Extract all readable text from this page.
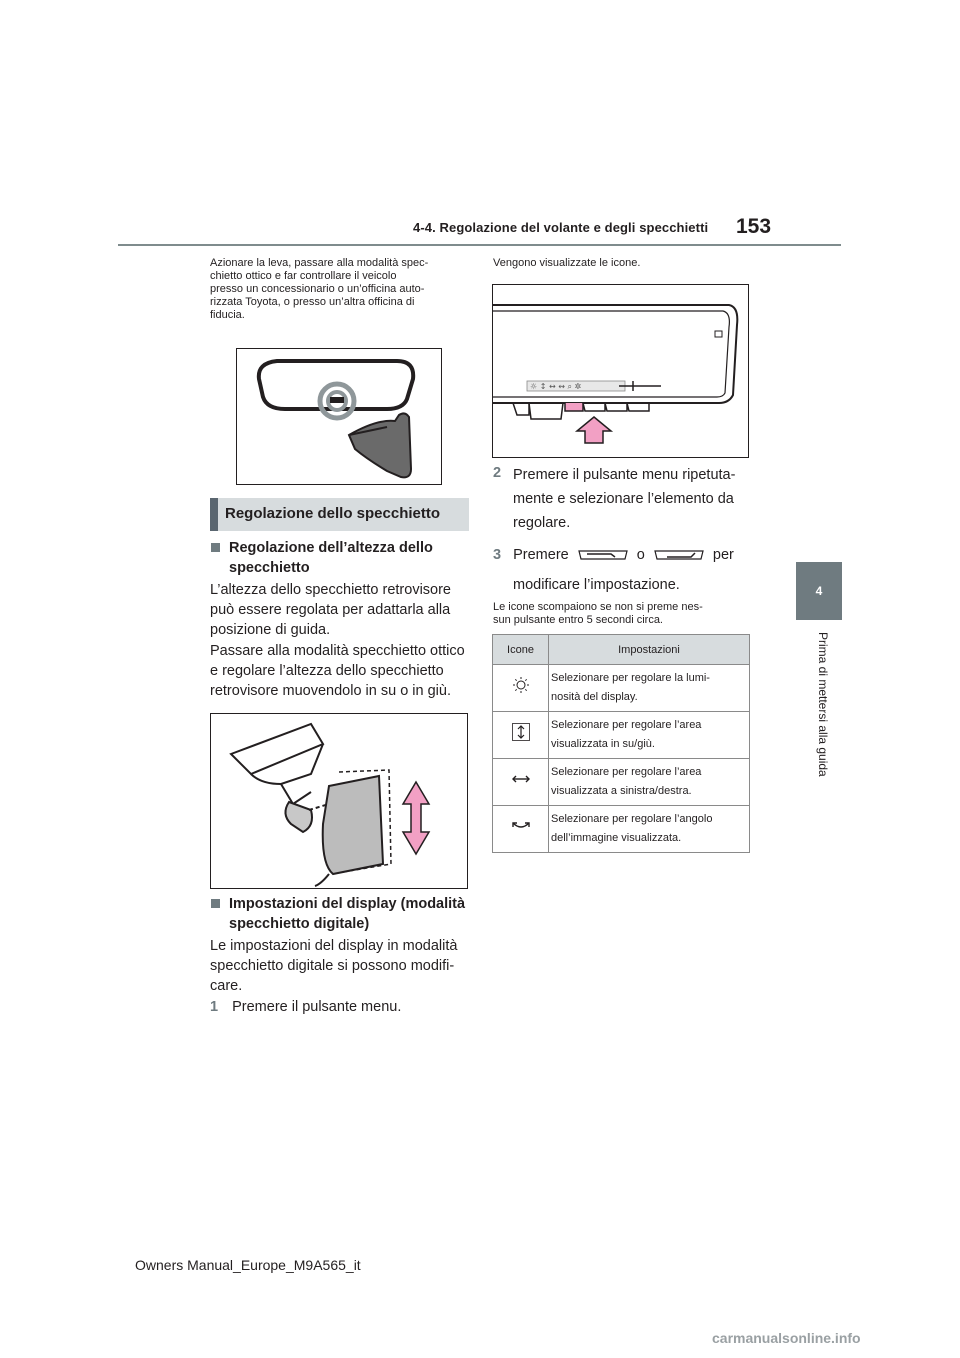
4-4. Regolazione del volante e degli specchietti 153
4
Prima di mettersi alla guida
Azionare la leva, passare alla modalità spec-
chietto ottico e far controllare il veicolo
presso un concessionario o un’officina auto-
rizzata Toyota, o presso un’altra officina di
fiducia.
Regolazione dello specchietto
Regolazione dell’altezza dello
specchietto
L’altezza dello specchietto retrovisore
può essere regolata per adattarla alla
posizione di guida.
Passare alla modalità specchietto ottico
e regolare l’altezza dello specchietto
retrovisore muovendolo in su o in giù.
Impostazioni del display (modalità
specchietto digitale)
Le impostazioni del display in modalità
specchietto digitale si possono modifi-
care.
1 Premere il pulsante menu.
Vengono visualizzate le icone.
☼ ↕ ↔ ↭ ⌕ ✲
2 Premere il pulsante menu ripetuta-
mente e selezionare l’elemento da
regolare.
3 Premere	o	per
modificare l’impostazione.
Le icone scompaiono se non si preme nes-
sun pulsante entro 5 secondi circa.
Icone	Impostazioni
	Selezionare per regolare la lumi-
nosità del display.
	Selezionare per regolare l’area
visualizzata in su/giù.
	Selezionare per regolare l’area
visualizzata a sinistra/destra.
	Selezionare per regolare l’angolo
dell’immagine visualizzata.
Owners Manual_Europe_M9A565_it
carmanualsonline.info
